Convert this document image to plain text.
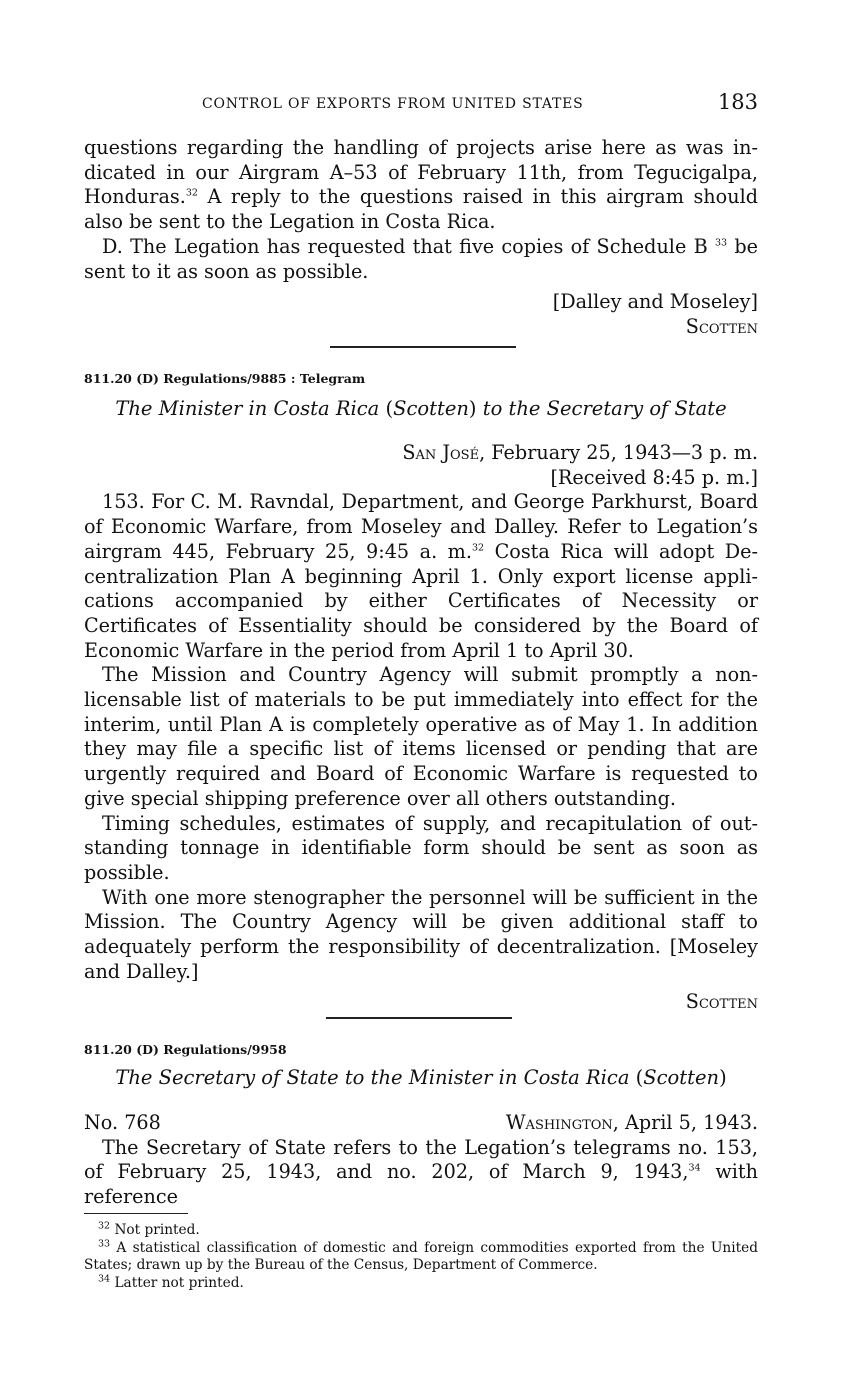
CONTROL OF EXPORTS FROM UNITED STATES	183

questions regarding the handling of projects arise here as was indicated in our Airgram A–53 of February 11th, from Tegucigalpa, Honduras.$^{32}$ A reply to the questions raised in this airgram should also be sent to the Legation in Costa Rica.

D. The Legation has requested that five copies of Schedule B $^{33}$ be sent to it as soon as possible.

[Dalley and Moseley]

Scotten

811.20 (D) Regulations/9885 : Telegram
The Minister in Costa Rica (Scotten) to the Secretary of State

San José, February 25, 1943—3 p. m.

[Received 8:45 p. m.]

153. For C. M. Ravndal, Department, and George Parkhurst, Board of Economic Warfare, from Moseley and Dalley. Refer to Legation’s airgram 445, February 25, 9:45 a. m.$^{32}$ Costa Rica will adopt Decentralization Plan A beginning April 1. Only export license applications accompanied by either Certificates of Necessity or Certificates of Essentiality should be considered by the Board of Economic Warfare in the period from April 1 to April 30.

The Mission and Country Agency will submit promptly a nonlicensable list of materials to be put immediately into effect for the interim, until Plan A is completely operative as of May 1. In addition they may file a specific list of items licensed or pending that are urgently required and Board of Economic Warfare is requested to give special shipping preference over all others outstanding.

Timing schedules, estimates of supply, and recapitulation of outstanding tonnage in identifiable form should be sent as soon as possible.

With one more stenographer the personnel will be sufficient in the Mission. The Country Agency will be given additional staff to adequately perform the responsibility of decentralization. [Moseley and Dalley.]

Scotten

811.20 (D) Regulations/9958
The Secretary of State to the Minister in Costa Rica (Scotten)
No. 768	Washington, April 5, 1943.

The Secretary of State refers to the Legation’s telegrams no. 153, of February 25, 1943, and no. 202, of March 9, 1943,34 with reference

$^{32}$ Not printed.

$^{33}$ A statistical classification of domestic and foreign commodities exported from the United States; drawn up by the Bureau of the Census, Department of Commerce.

$^{34}$ Latter not printed.
